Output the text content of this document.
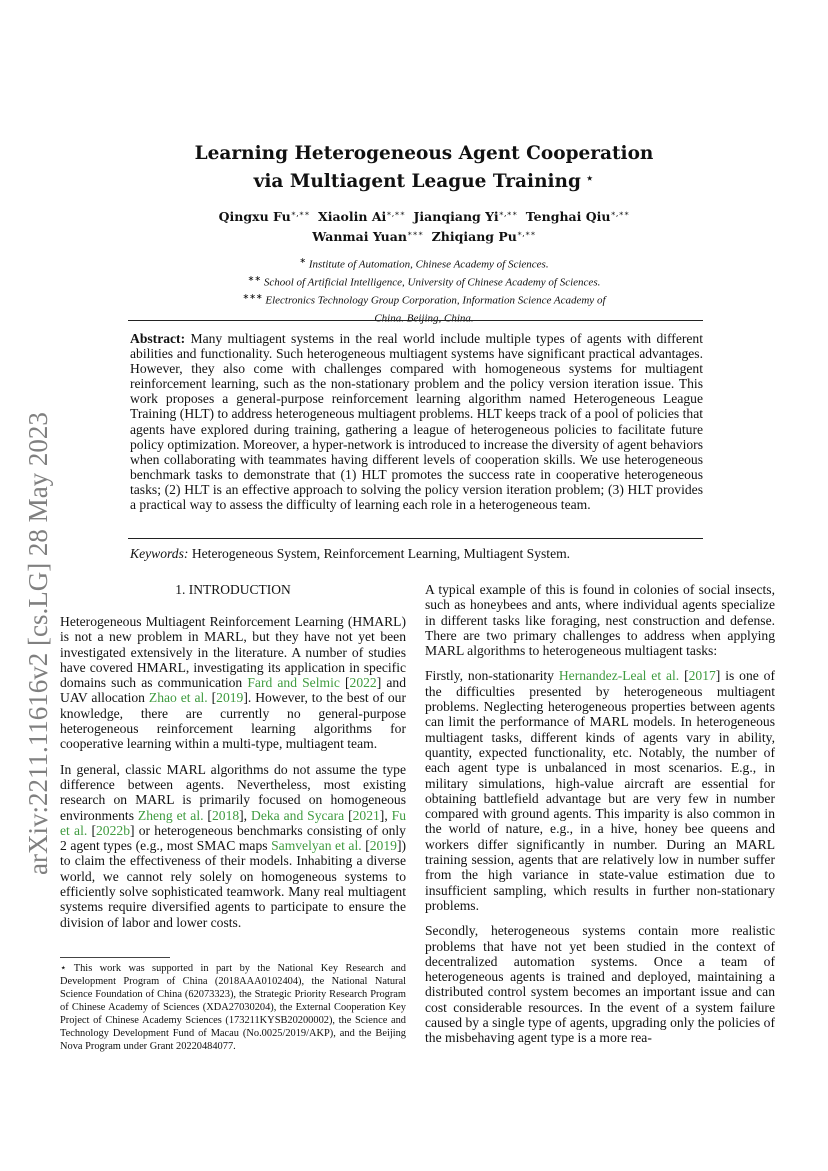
arXiv:2211.11616v2 [cs.LG] 28 May 2023
Learning Heterogeneous Agent Cooperation
via Multiagent League Training ⋆
Qingxu Fu∗,∗∗ Xiaolin Ai∗,∗∗ Jianqiang Yi∗,∗∗ Tenghai Qiu∗,∗∗
Wanmai Yuan∗∗∗ Zhiqiang Pu∗,∗∗
∗ Institute of Automation, Chinese Academy of Sciences.
∗∗ School of Artificial Intelligence, University of Chinese Academy of Sciences.
∗∗∗ Electronics Technology Group Corporation, Information Science Academy of
China. Beijing, China.
Abstract: Many multiagent systems in the real world include multiple types of agents with different abilities and functionality. Such heterogeneous multiagent systems have significant practical advantages. However, they also come with challenges compared with homogeneous systems for multiagent reinforcement learning, such as the non-stationary problem and the policy version iteration issue. This work proposes a general-purpose reinforcement learning algorithm named Heterogeneous League Training (HLT) to address heterogeneous multiagent problems. HLT keeps track of a pool of policies that agents have explored during training, gathering a league of heterogeneous policies to facilitate future policy optimization. Moreover, a hyper-network is introduced to increase the diversity of agent behaviors when collaborating with teammates having different levels of cooperation skills. We use heterogeneous benchmark tasks to demonstrate that (1) HLT promotes the success rate in cooperative heterogeneous tasks; (2) HLT is an effective approach to solving the policy version iteration problem; (3) HLT provides a practical way to assess the difficulty of learning each role in a heterogeneous team.
Keywords: Heterogeneous System, Reinforcement Learning, Multiagent System.
1. INTRODUCTION

Heterogeneous Multiagent Reinforcement Learning (HMARL) is not a new problem in MARL, but they have not yet been investigated extensively in the literature. A number of studies have covered HMARL, investigating its application in specific domains such as communication Fard and Selmic [2022] and UAV allocation Zhao et al. [2019]. However, to the best of our knowledge, there are currently no general-purpose heterogeneous reinforcement learning algorithms for cooperative learning within a multi-type, multiagent team.

In general, classic MARL algorithms do not assume the type difference between agents. Nevertheless, most existing research on MARL is primarily focused on homogeneous environments Zheng et al. [2018], Deka and Sycara [2021], Fu et al. [2022b] or heterogeneous benchmarks consisting of only 2 agent types (e.g., most SMAC maps Samvelyan et al. [2019]) to claim the effectiveness of their models. Inhabiting a diverse world, we cannot rely solely on homogeneous systems to efficiently solve sophisticated teamwork. Many real multiagent systems require diversified agents to participate to ensure the division of labor and lower costs.

⋆ This work was supported in part by the National Key Research and Development Program of China (2018AAA0102404), the National Natural Science Foundation of China (62073323), the Strategic Priority Research Program of Chinese Academy of Sciences (XDA27030204), the External Cooperation Key Project of Chinese Academy Sciences (173211KYSB20200002), the Science and Technology Development Fund of Macau (No.0025/2019/AKP), and the Beijing Nova Program under Grant 20220484077.

A typical example of this is found in colonies of social insects, such as honeybees and ants, where individual agents specialize in different tasks like foraging, nest construction and defense. There are two primary challenges to address when applying MARL algorithms to heterogeneous multiagent tasks:

Firstly, non-stationarity Hernandez-Leal et al. [2017] is one of the difficulties presented by heterogeneous multiagent problems. Neglecting heterogeneous properties between agents can limit the performance of MARL models. In heterogeneous multiagent tasks, different kinds of agents vary in ability, quantity, expected functionality, etc. Notably, the number of each agent type is unbalanced in most scenarios. E.g., in military simulations, high-value aircraft are essential for obtaining battlefield advantage but are very few in number compared with ground agents. This imparity is also common in the world of nature, e.g., in a hive, honey bee queens and workers differ significantly in number. During an MARL training session, agents that are relatively low in number suffer from the high variance in state-value estimation due to insufficient sampling, which results in further non-stationary problems.

Secondly, heterogeneous systems contain more realistic problems that have not yet been studied in the context of decentralized automation systems. Once a team of heterogeneous agents is trained and deployed, maintaining a distributed control system becomes an important issue and can cost considerable resources. In the event of a system failure caused by a single type of agents, upgrading only the policies of the misbehaving agent type is a more rea-
